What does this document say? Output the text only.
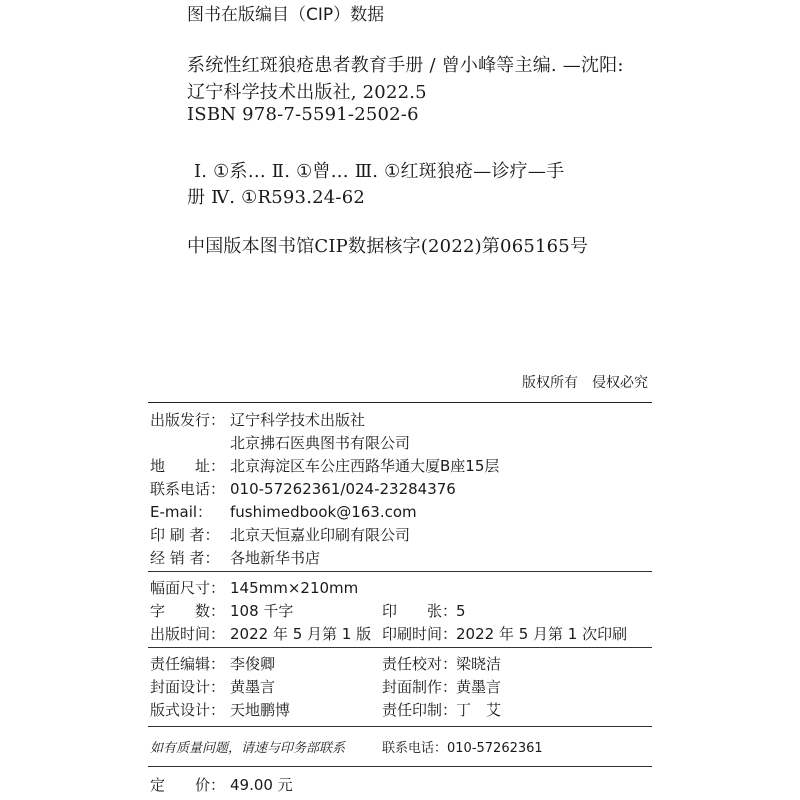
图书在版编目（CIP）数据
系统性红斑狼疮患者教育手册 / 曾小峰等主编. —沈阳:
辽宁科学技术出版社, 2022.5
ISBN 978-7-5591-2502-6
Ⅰ. ①系… Ⅱ. ①曾… Ⅲ. ①红斑狼疮—诊疗—手
册 Ⅳ. ①R593.24-62
中国版本图书馆CIP数据核字(2022)第065165号
版权所有　侵权必究
出版发行： 辽宁科学技术出版社
北京拂石医典图书有限公司
地　　址： 北京海淀区车公庄西路华通大厦B座15层
联系电话： 010-57262361/024-23284376
E-mail： fushimedbook@163.com
印 刷 者： 北京天恒嘉业印刷有限公司
经 销 者： 各地新华书店
幅面尺寸： 145mm×210mm
字　　数： 108 千字	印　　张：5
出版时间： 2022 年 5 月第 1 版 印刷时间：2022 年 5 月第 1 次印刷
责任编辑： 李俊卿	责任校对：梁晓洁
封面设计： 黄墨言	封面制作：黄墨言
版式设计： 天地鹏博	责任印制：丁　艾
如有质量问题，请速与印务部联系	联系电话：010-57262361
定　　价： 49.00 元
